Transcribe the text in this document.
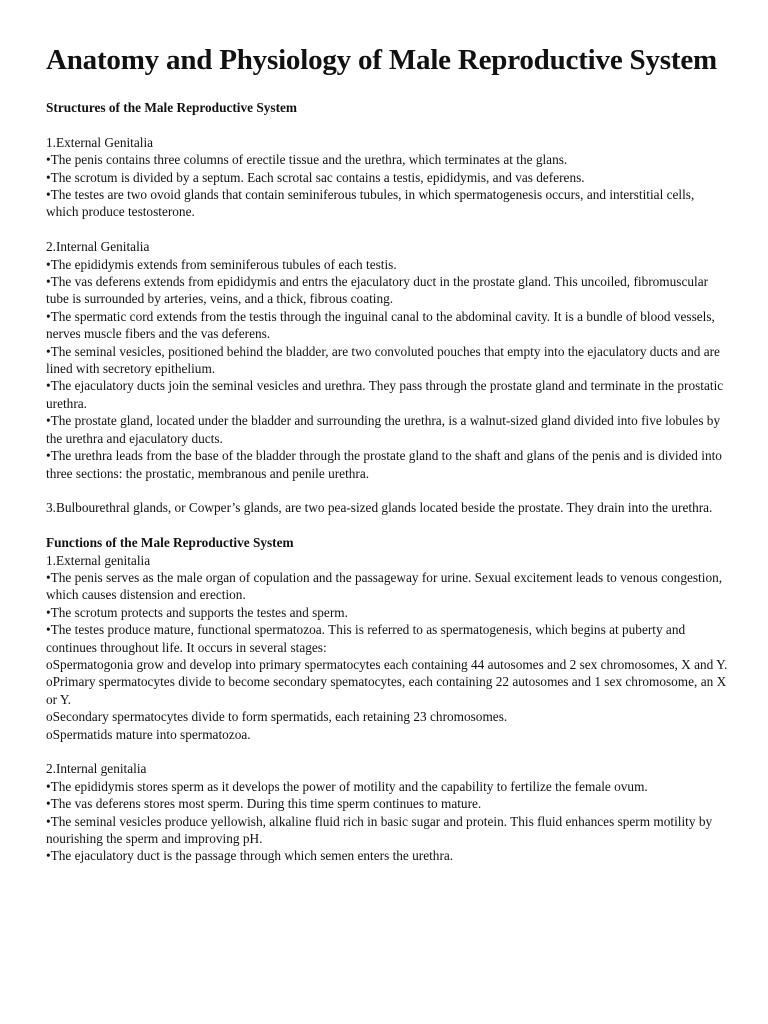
Anatomy and Physiology of Male Reproductive System

Structures of the Male Reproductive System

1.External Genitalia

•The penis contains three columns of erectile tissue and the urethra, which terminates at the glans.

•The scrotum is divided by a septum. Each scrotal sac contains a testis, epididymis, and vas deferens.

•The testes are two ovoid glands that contain seminiferous tubules, in which spermatogenesis occurs, and interstitial cells, which produce testosterone.

2.Internal Genitalia

•The epididymis extends from seminiferous tubules of each testis.

•The vas deferens extends from epididymis and entrs the ejaculatory duct in the prostate gland. This uncoiled, fibromuscular tube is surrounded by arteries, veins, and a thick, fibrous coating.

•The spermatic cord extends from the testis through the inguinal canal to the abdominal cavity. It is a bundle of blood vessels, nerves muscle fibers and the vas deferens.

•The seminal vesicles, positioned behind the bladder, are two convoluted pouches that empty into the ejaculatory ducts and are lined with secretory epithelium.

•The ejaculatory ducts join the seminal vesicles and urethra. They pass through the prostate gland and terminate in the prostatic urethra.

•The prostate gland, located under the bladder and surrounding the urethra, is a walnut-sized gland divided into five lobules by the urethra and ejaculatory ducts.

•The urethra leads from the base of the bladder through the prostate gland to the shaft and glans of the penis and is divided into three sections: the prostatic, membranous and penile urethra.

3.Bulbourethral glands, or Cowper’s glands, are two pea-sized glands located beside the prostate. They drain into the urethra.

Functions of the Male Reproductive System

1.External genitalia

•The penis serves as the male organ of copulation and the passageway for urine. Sexual excitement leads to venous congestion, which causes distension and erection.

•The scrotum protects and supports the testes and sperm.

•The testes produce mature, functional spermatozoa. This is referred to as spermatogenesis, which begins at puberty and continues throughout life. It occurs in several stages:

oSpermatogonia grow and develop into primary spermatocytes each containing 44 autosomes and 2 sex chromosomes, X and Y.

oPrimary spermatocytes divide to become secondary spematocytes, each containing 22 autosomes and 1 sex chromosome, an X or Y.

oSecondary spermatocytes divide to form spermatids, each retaining 23 chromosomes.

oSpermatids mature into spermatozoa.

2.Internal genitalia

•The epididymis stores sperm as it develops the power of motility and the capability to fertilize the female ovum.

•The vas deferens stores most sperm. During this time sperm continues to mature.

•The seminal vesicles produce yellowish, alkaline fluid rich in basic sugar and protein. This fluid enhances sperm motility by nourishing the sperm and improving pH.

•The ejaculatory duct is the passage through which semen enters the urethra.
